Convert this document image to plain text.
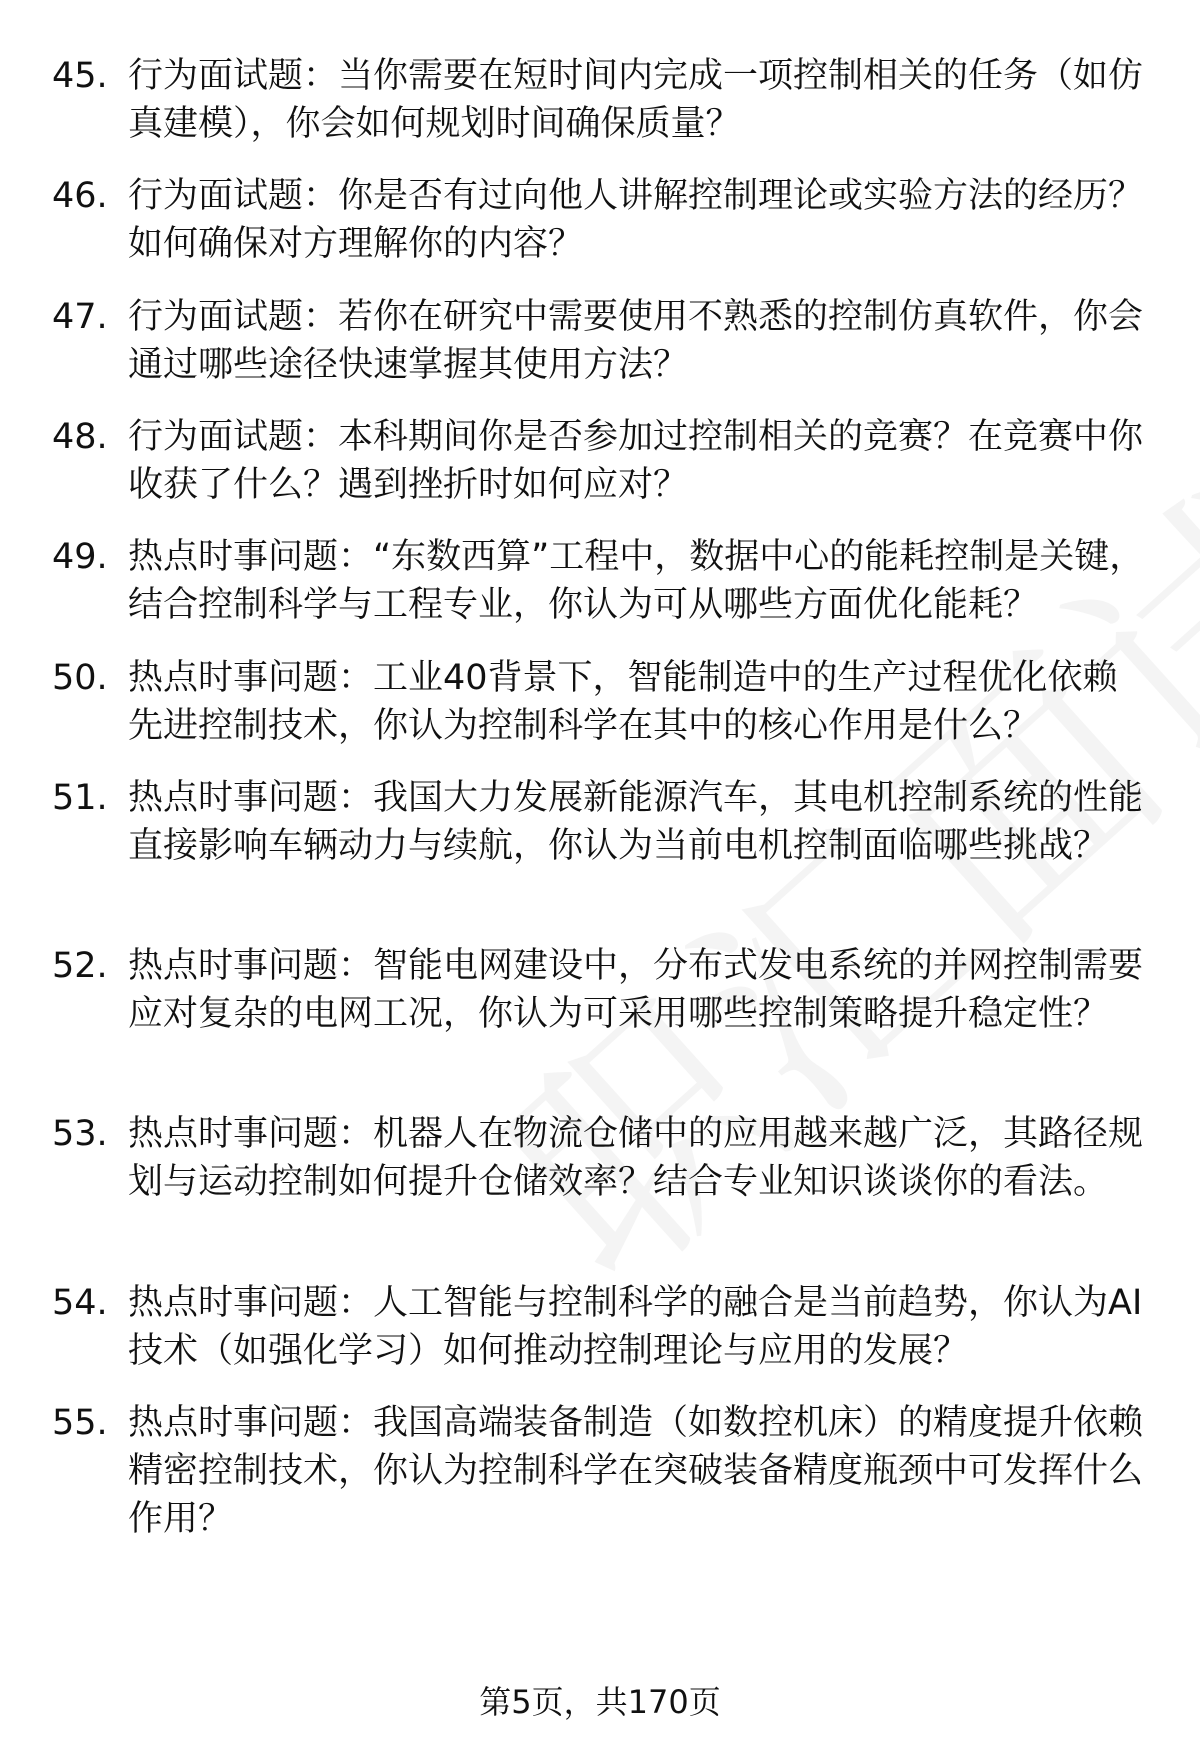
45. 行为面试题：当你需要在短时间内完成一项控制相关的任务（如仿真建模），你会如何规划时间确保质量？
46. 行为面试题：你是否有过向他人讲解控制理论或实验方法的经历？如何确保对方理解你的内容？
47. 行为面试题：若你在研究中需要使用不熟悉的控制仿真软件，你会通过哪些途径快速掌握其使用方法？
48. 行为面试题：本科期间你是否参加过控制相关的竞赛？在竞赛中你收获了什么？遇到挫折时如何应对？
49. 热点时事问题：“东数西算”工程中，数据中心的能耗控制是关键，结合控制科学与工程专业，你认为可从哪些方面优化能耗？
50. 热点时事问题：工业40背景下，智能制造中的生产过程优化依赖先进控制技术，你认为控制科学在其中的核心作用是什么？
51. 热点时事问题：我国大力发展新能源汽车，其电机控制系统的性能直接影响车辆动力与续航，你认为当前电机控制面临哪些挑战？
52. 热点时事问题：智能电网建设中，分布式发电系统的并网控制需要应对复杂的电网工况，你认为可采用哪些控制策略提升稳定性？
53. 热点时事问题：机器人在物流仓储中的应用越来越广泛，其路径规划与运动控制如何提升仓储效率？结合专业知识谈谈你的看法。
54. 热点时事问题：人工智能与控制科学的融合是当前趋势，你认为AI技术（如强化学习）如何推动控制理论与应用的发展？
55. 热点时事问题：我国高端装备制造（如数控机床）的精度提升依赖精密控制技术，你认为控制科学在突破装备精度瓶颈中可发挥什么作用？
第5页，共170页
